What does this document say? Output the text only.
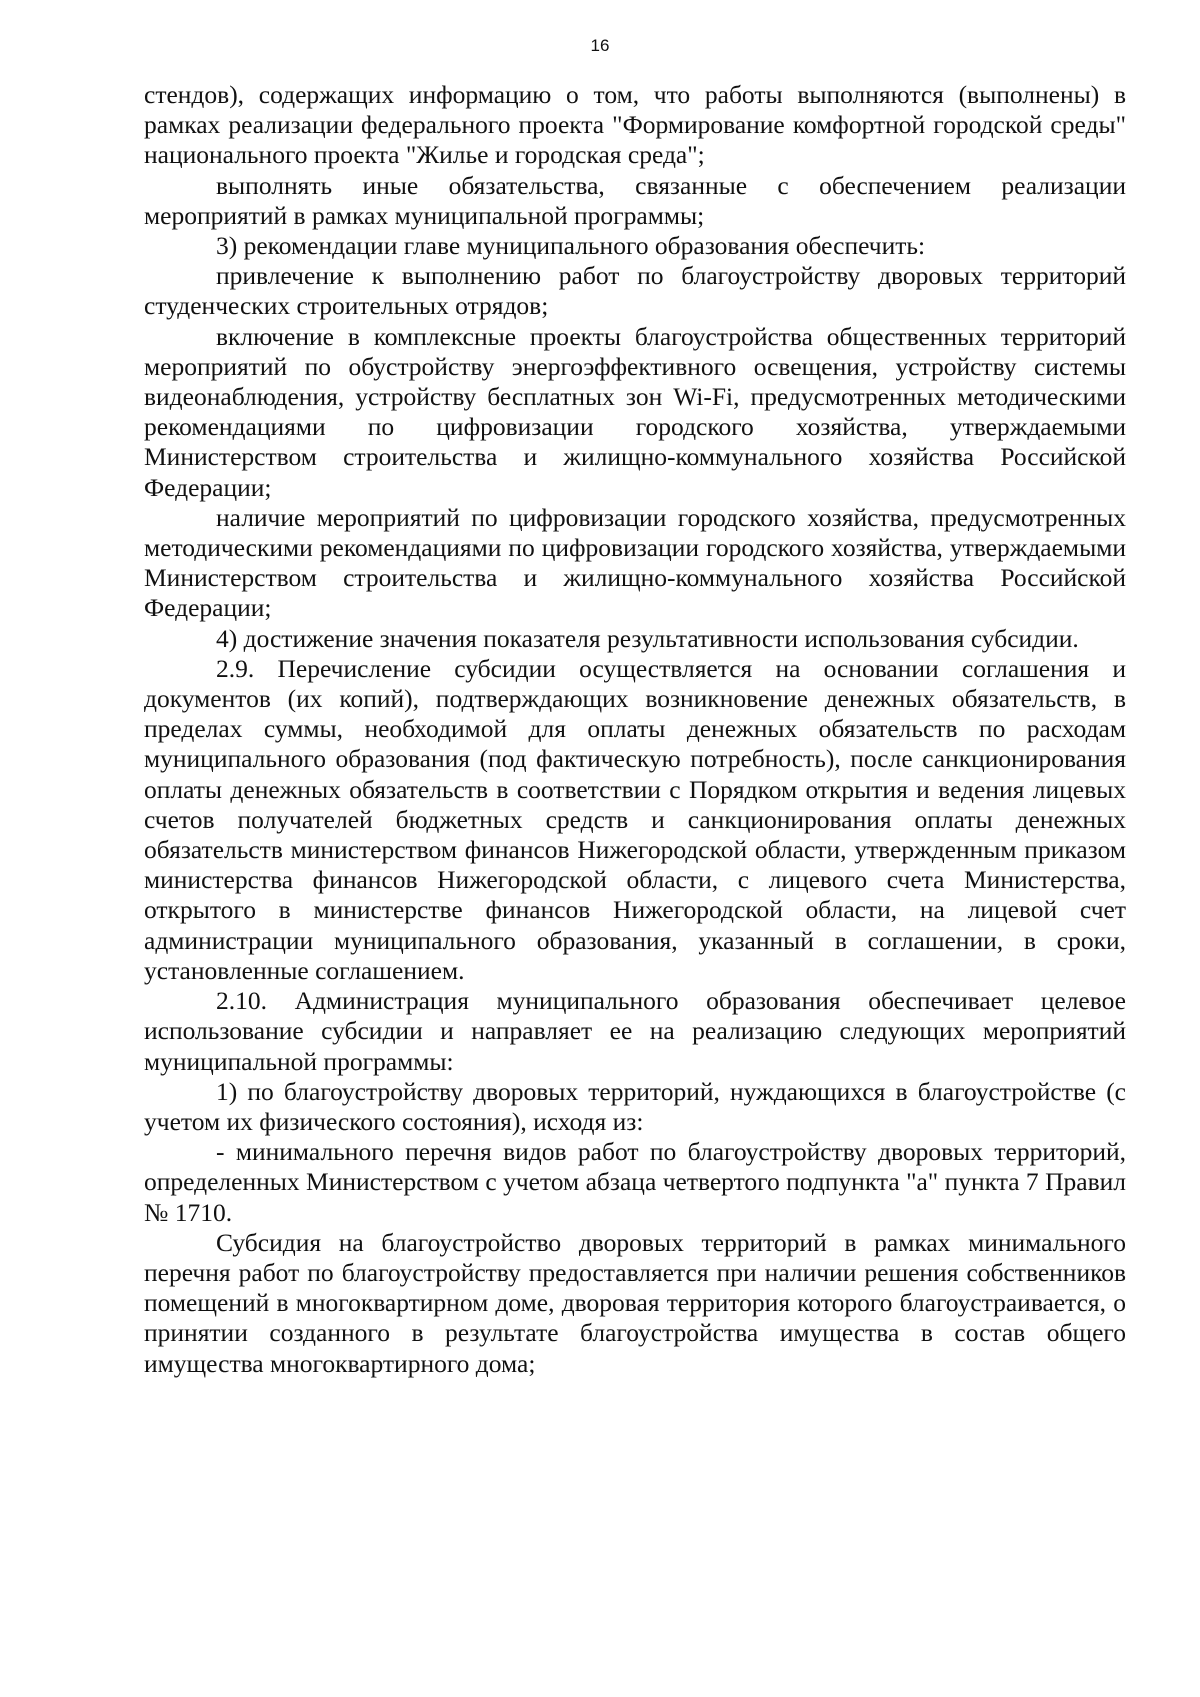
16

стендов), содержащих информацию о том, что работы выполняются (выполнены) в рамках реализации федерального проекта "Формирование комфортной городской среды" национального проекта "Жилье и городская среда";

выполнять иные обязательства, связанные с обеспечением реализации мероприятий в рамках муниципальной программы;

3) рекомендации главе муниципального образования обеспечить:

привлечение к выполнению работ по благоустройству дворовых территорий студенческих строительных отрядов;

включение в комплексные проекты благоустройства общественных территорий мероприятий по обустройству энергоэффективного освещения, устройству системы видеонаблюдения, устройству бесплатных зон Wi-Fi, предусмотренных методическими рекомендациями по цифровизации городского хозяйства, утверждаемыми Министерством строительства и жилищно-коммунального хозяйства Российской Федерации;

наличие мероприятий по цифровизации городского хозяйства, предусмотренных методическими рекомендациями по цифровизации городского хозяйства, утверждаемыми Министерством строительства и жилищно-коммунального хозяйства Российской Федерации;

4) достижение значения показателя результативности использования субсидии.

2.9. Перечисление субсидии осуществляется на основании соглашения и документов (их копий), подтверждающих возникновение денежных обязательств, в пределах суммы, необходимой для оплаты денежных обязательств по расходам муниципального образования (под фактическую потребность), после санкционирования оплаты денежных обязательств в соответствии с Порядком открытия и ведения лицевых счетов получателей бюджетных средств и санкционирования оплаты денежных обязательств министерством финансов Нижегородской области, утвержденным приказом министерства финансов Нижегородской области, с лицевого счета Министерства, открытого в министерстве финансов Нижегородской области, на лицевой счет администрации муниципального образования, указанный в соглашении, в сроки, установленные соглашением.

2.10. Администрация муниципального образования обеспечивает целевое использование субсидии и направляет ее на реализацию следующих мероприятий муниципальной программы:

1) по благоустройству дворовых территорий, нуждающихся в благоустройстве (с учетом их физического состояния), исходя из:

- минимального перечня видов работ по благоустройству дворовых территорий, определенных Министерством с учетом абзаца четвертого подпункта "а" пункта 7 Правил № 1710.

Субсидия на благоустройство дворовых территорий в рамках минимального перечня работ по благоустройству предоставляется при наличии решения собственников помещений в многоквартирном доме, дворовая территория которого благоустраивается, о принятии созданного в результате благоустройства имущества в состав общего имущества многоквартирного дома;
